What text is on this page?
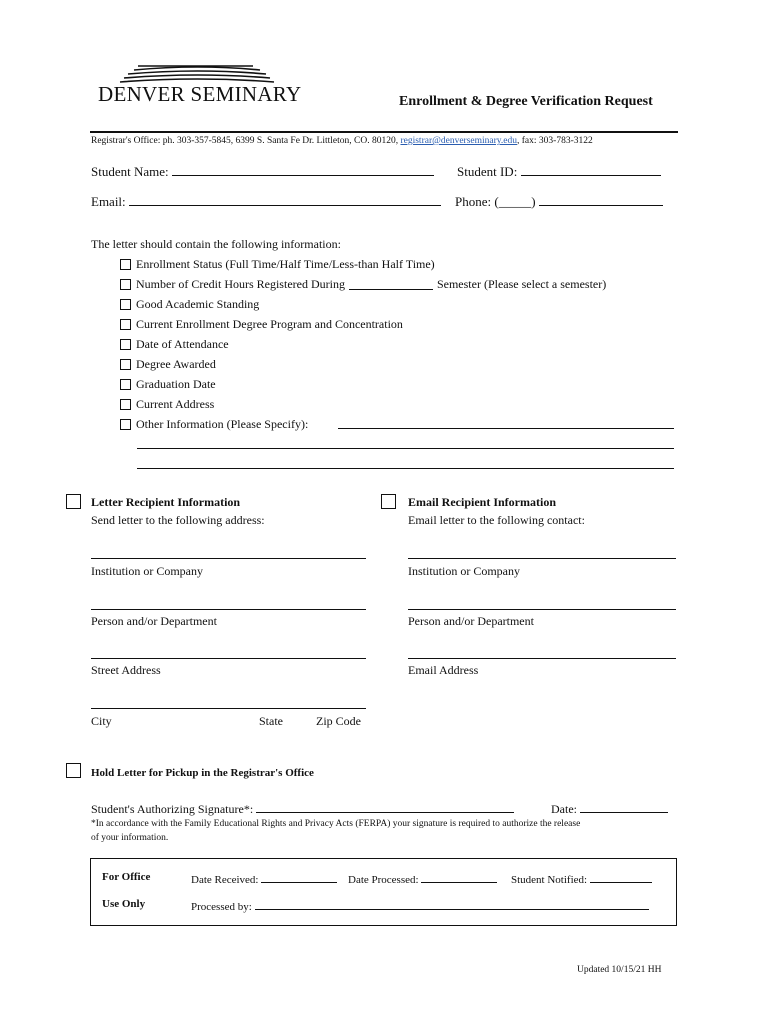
DENVER SEMINARY	Enrollment & Degree Verification Request
Registrar's Office: ph. 303-357-5845, 6399 S. Santa Fe Dr. Littleton, CO. 80120, registrar@denverseminary.edu, fax: 303-783-3122
Student Name:	Student ID:
Email:	Phone: (_____)
The letter should contain the following information:
Enrollment Status (Full Time/Half Time/Less-than Half Time)
Number of Credit Hours Registered During	Semester (Please select a semester)
Good Academic Standing
Current Enrollment Degree Program and Concentration
Date of Attendance
Degree Awarded
Graduation Date
Current Address
Other Information (Please Specify):
Letter Recipient Information
Send letter to the following address:
Institution or Company
Person and/or Department
Street Address
City	State	Zip Code
Email Recipient Information
Email letter to the following contact:
Institution or Company
Person and/or Department
Email Address
Hold Letter for Pickup in the Registrar's Office
Student's Authorizing Signature*:	Date:
*In accordance with the Family Educational Rights and Privacy Acts (FERPA) your signature is required to authorize the release
of your information.
For Office
Use Only
Date Received:	Date Processed:	Student Notified:
Processed by:
Updated 10/15/21 HH
